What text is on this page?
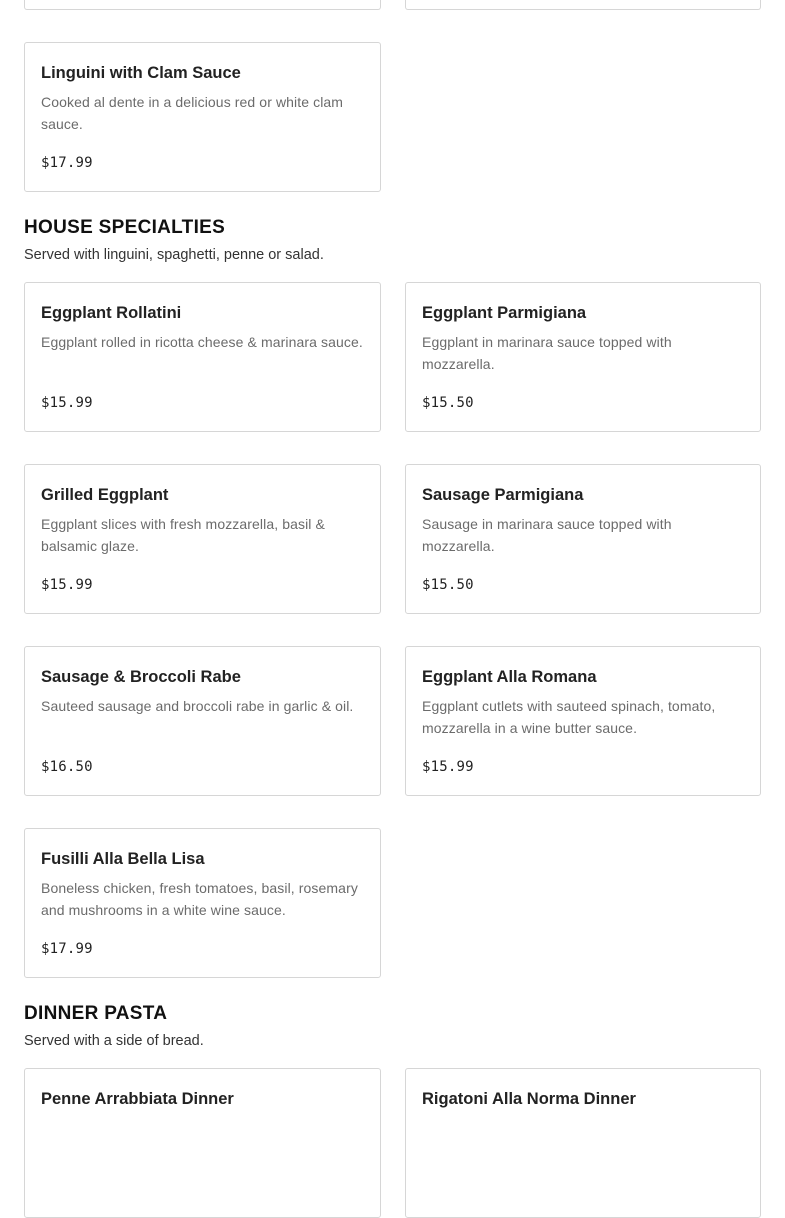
Linguini with Clam Sauce
Cooked al dente in a delicious red or white clam sauce.
$17.99
HOUSE SPECIALTIES
Served with linguini, spaghetti, penne or salad.
Eggplant Rollatini
Eggplant rolled in ricotta cheese & marinara sauce.
$15.99
Eggplant Parmigiana
Eggplant in marinara sauce topped with mozzarella.
$15.50
Grilled Eggplant
Eggplant slices with fresh mozzarella, basil & balsamic glaze.
$15.99
Sausage Parmigiana
Sausage in marinara sauce topped with mozzarella.
$15.50
Sausage & Broccoli Rabe
Sauteed sausage and broccoli rabe in garlic & oil.
$16.50
Eggplant Alla Romana
Eggplant cutlets with sauteed spinach, tomato, mozzarella in a wine butter sauce.
$15.99
Fusilli Alla Bella Lisa
Boneless chicken, fresh tomatoes, basil, rosemary and mushrooms in a white wine sauce.
$17.99
DINNER PASTA
Served with a side of bread.
Penne Arrabbiata Dinner	Rigatoni Alla Norma Dinner
